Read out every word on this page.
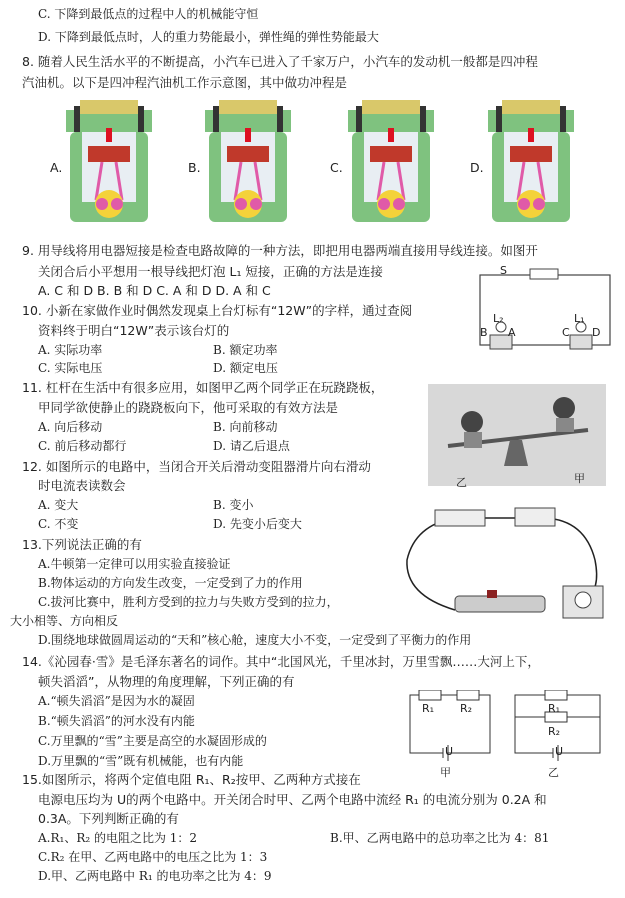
C. 下降到最低点的过程中人的机械能守恒
D. 下降到最低点时，人的重力势能最小，弹性绳的弹性势能最大
8. 随着人民生活水平的不断提高，小汽车已进入了千家万户，小汽车的发动机一般都是四冲程
汽油机。以下是四冲程汽油机工作示意图，其中做功冲程是
A.	B.	C.	D.
9. 用导线将用电器短接是检查电路故障的一种方法，即把用电器两端直接用导线连接。如图开
关闭合后小平想用一根导线把灯泡 L₁ 短接，正确的方法是连接
A. C 和 D B. B 和 D C. A 和 D D. A 和 C
S
L₂	L₁
B A	C D
10. 小新在家做作业时偶然发现桌上台灯标有“12W”的字样，通过查阅
资料终于明白“12W”表示该台灯的
A. 实际功率	B. 额定功率
C. 实际电压	D. 额定电压
11. 杠杆在生活中有很多应用，如图甲乙两个同学正在玩跷跷板，
甲同学欲使静止的跷跷板向下，他可采取的有效方法是
A. 向后移动	B. 向前移动
C. 前后移动都行	D. 请乙后退点
乙	甲
12. 如图所示的电路中，当闭合开关后滑动变阻器滑片向右滑动
时电流表读数会
A. 变大	B. 变小
C. 不变	D. 先变小后变大
13.下列说法正确的有
A.牛顿第一定律可以用实验直接验证
B.物体运动的方向发生改变，一定受到了力的作用
C.拔河比赛中，胜利方受到的拉力与失败方受到的拉力，
大小相等、方向相反
D.围绕地球做圆周运动的“天和”核心舱，速度大小不变，一定受到了平衡力的作用
14.《沁园春·雪》是毛泽东著名的词作。其中“北国风光，千里冰封，万里雪飘……大河上下，
顿失滔滔”，从物理的角度理解，下列正确的有
A.“顿失滔滔”是因为水的凝固
B.“顿失滔滔”的河水没有内能
C.万里飘的“雪”主要是高空的水凝固形成的
D.万里飘的“雪”既有机械能，也有内能
R₁ R₂
U
R₁
R₂
U
甲	乙
15.如图所示，将两个定值电阻 R₁、R₂按甲、乙两种方式接在
电源电压均为 U的两个电路中。开关闭合时甲、乙两个电路中流经 R₁ 的电流分别为 0.2A 和
0.3A。下列判断正确的有
A.R₁、R₂ 的电阻之比为 1：2	B.甲、乙两电路中的总功率之比为 4：81
C.R₂ 在甲、乙两电路中的电压之比为 1：3
D.甲、乙两电路中 R₁ 的电功率之比为 4：9
